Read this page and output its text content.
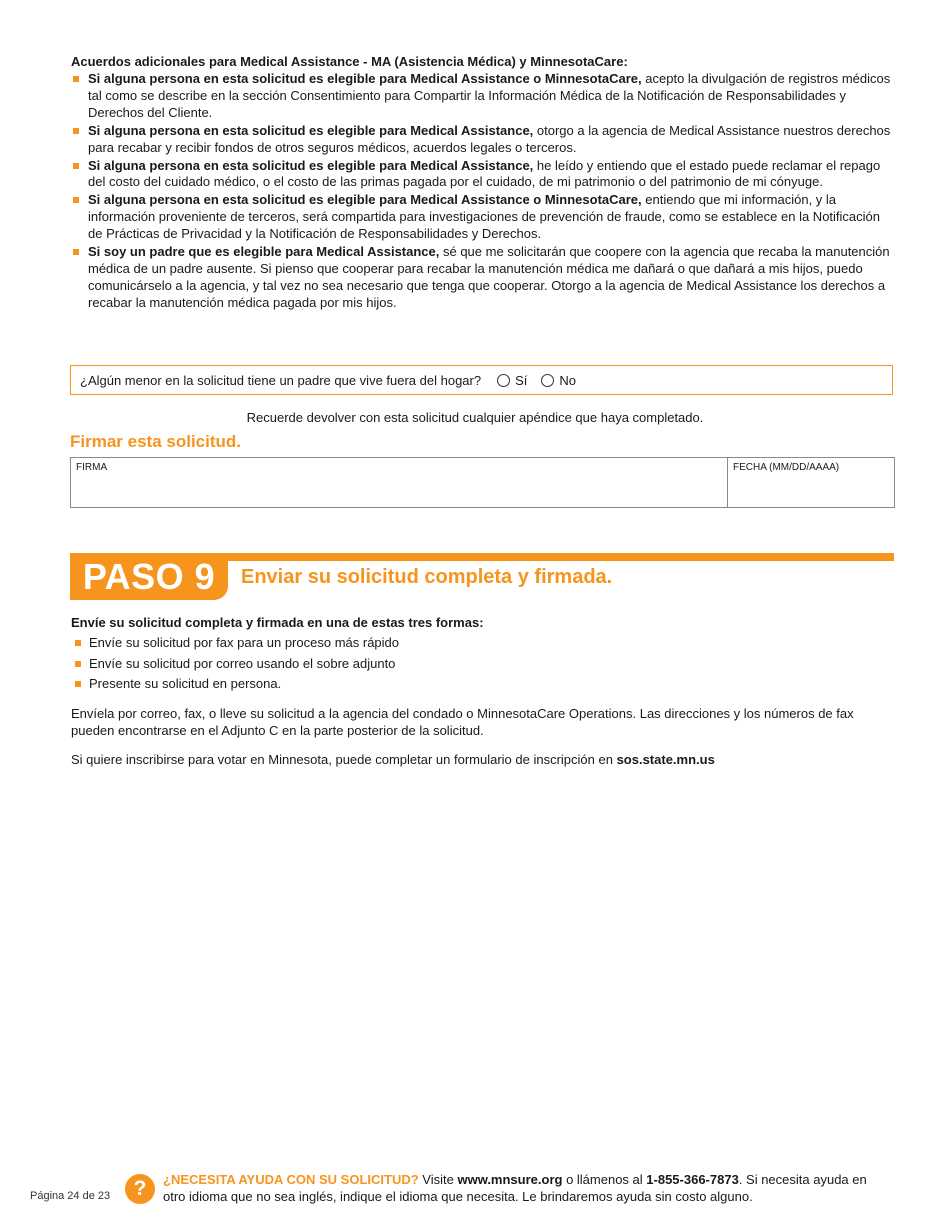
Acuerdos adicionales para Medical Assistance - MA (Asistencia Médica) y MinnesotaCare:
Si alguna persona en esta solicitud es elegible para Medical Assistance o MinnesotaCare, acepto la divulgación de registros médicos tal como se describe en la sección Consentimiento para Compartir la Información Médica de la Notificación de Responsabilidades y Derechos del Cliente.
Si alguna persona en esta solicitud es elegible para Medical Assistance, otorgo a la agencia de Medical Assistance nuestros derechos para recabar y recibir fondos de otros seguros médicos, acuerdos legales o terceros.
Si alguna persona en esta solicitud es elegible para Medical Assistance, he leído y entiendo que el estado puede reclamar el repago del costo del cuidado médico, o el costo de las primas pagada por el cuidado, de mi patrimonio o del patrimonio de mi cónyuge.
Si alguna persona en esta solicitud es elegible para Medical Assistance o MinnesotaCare, entiendo que mi información, y la información proveniente de terceros, será compartida para investigaciones de prevención de fraude, como se establece en la Notificación de Prácticas de Privacidad y la Notificación de Responsabilidades y Derechos.
Si soy un padre que es elegible para Medical Assistance, sé que me solicitarán que coopere con la agencia que recaba la manutención médica de un padre ausente. Si pienso que cooperar para recabar la manutención médica me dañará o que dañará a mis hijos, puedo comunicárselo a la agencia, y tal vez no sea necesario que tenga que cooperar. Otorgo a la agencia de Medical Assistance los derechos a recabar la manutención médica pagada por mis hijos.
¿Algún menor en la solicitud tiene un padre que vive fuera del hogar?	Sí No
Recuerde devolver con esta solicitud cualquier apéndice que haya completado.
Firmar esta solicitud.
FIRMA	FECHA (MM/DD/AAAA)
PASO 9	Enviar su solicitud completa y firmada.
Envíe su solicitud completa y firmada en una de estas tres formas:
Envíe su solicitud por fax para un proceso más rápido
Envíe su solicitud por correo usando el sobre adjunto
Presente su solicitud en persona.
Envíela por correo, fax, o lleve su solicitud a la agencia del condado o MinnesotaCare Operations. Las direcciones y los números de fax pueden encontrarse en el Adjunto C en la parte posterior de la solicitud.
Si quiere inscribirse para votar en Minnesota, puede completar un formulario de inscripción en sos.state.mn.us
Página 24 de 23	?	¿NECESITA AYUDA CON SU SOLICITUD? Visite www.mnsure.org o llámenos al 1-855-366-7873. Si necesita ayuda en otro idioma que no sea inglés, indique el idioma que necesita. Le brindaremos ayuda sin costo alguno.
